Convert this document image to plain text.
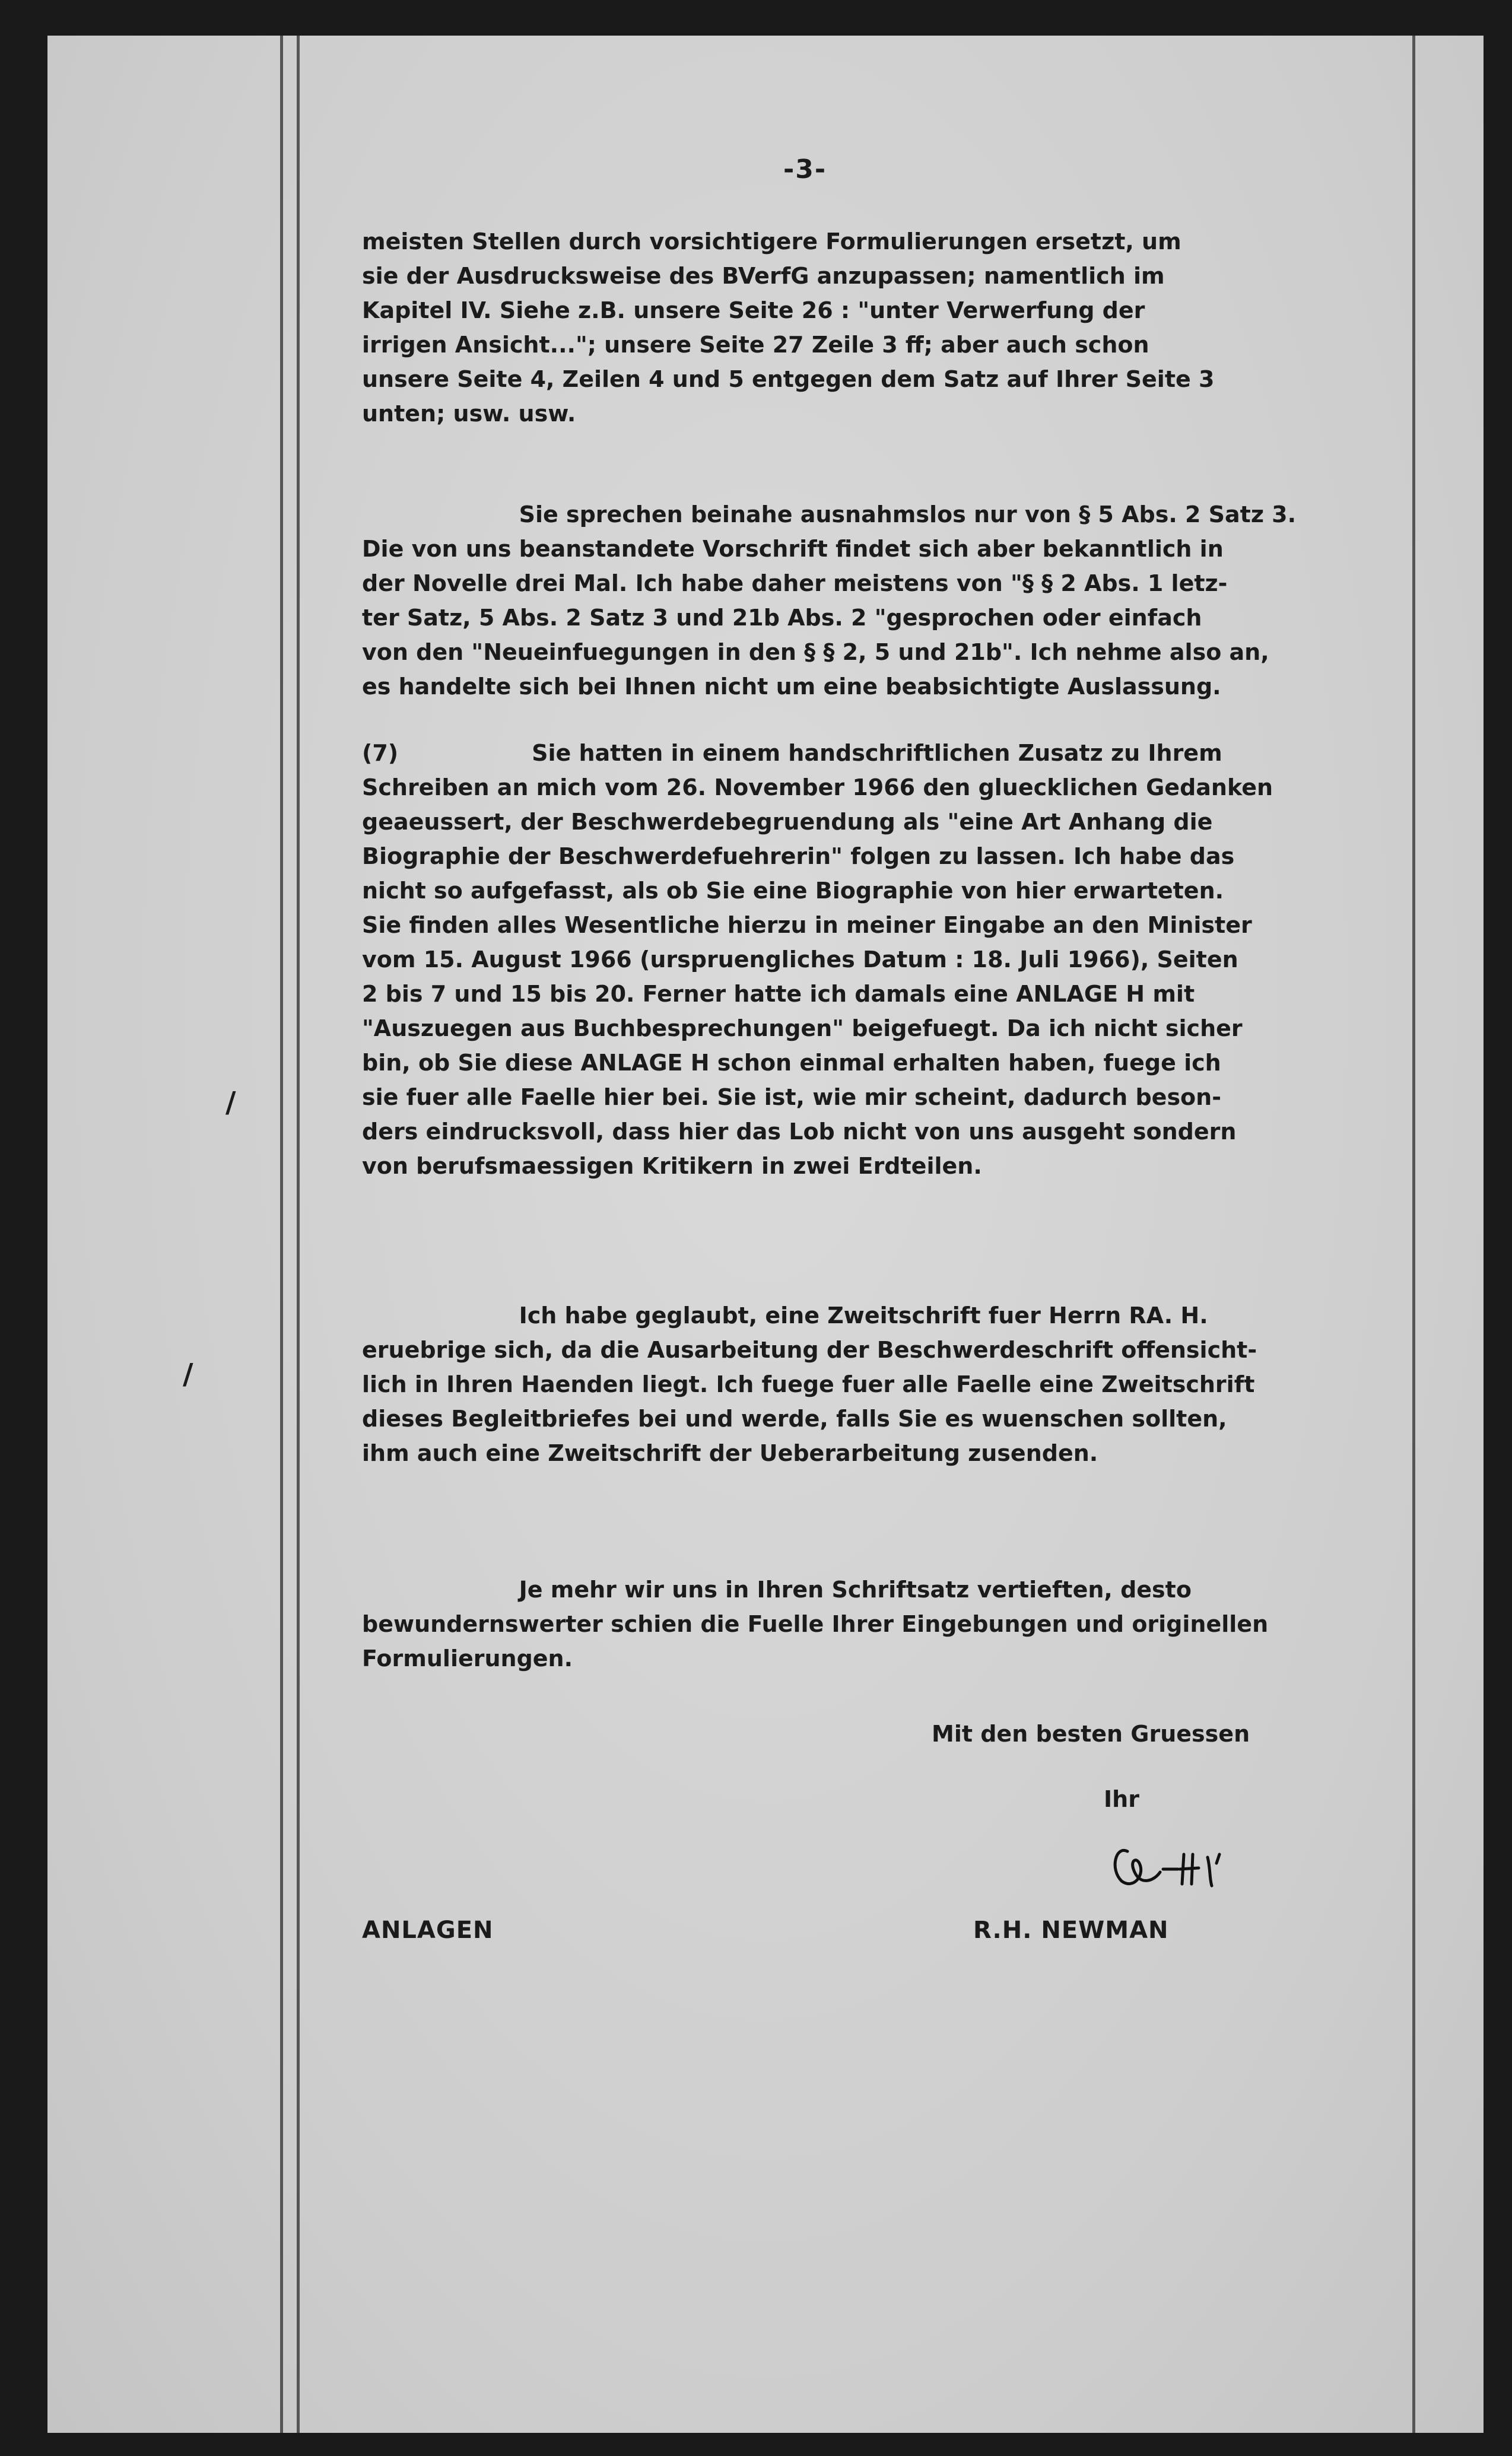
/
/
-3-
meisten Stellen durch vorsichtigere Formulierungen ersetzt, um
sie der Ausdrucksweise des BVerfG anzupassen; namentlich im
Kapitel IV. Siehe z.B. unsere Seite 26 : "unter Verwerfung der
irrigen Ansicht..."; unsere Seite 27 Zeile 3 ff; aber auch schon
unsere Seite 4, Zeilen 4 und 5 entgegen dem Satz auf Ihrer Seite 3
unten; usw. usw.
Sie sprechen beinahe ausnahmslos nur von § 5 Abs. 2 Satz 3.
Die von uns beanstandete Vorschrift findet sich aber bekanntlich in
der Novelle drei Mal. Ich habe daher meistens von "§ § 2 Abs. 1 letz-
ter Satz, 5 Abs. 2 Satz 3 und 21b Abs. 2 "gesprochen oder einfach
von den "Neueinfuegungen in den § § 2, 5 und 21b". Ich nehme also an,
es handelte sich bei Ihnen nicht um eine beabsichtigte Auslassung.
(7)                 Sie hatten in einem handschriftlichen Zusatz zu Ihrem
Schreiben an mich vom 26. November 1966 den gluecklichen Gedanken
geaeussert, der Beschwerdebegruendung als "eine Art Anhang die
Biographie der Beschwerdefuehrerin" folgen zu lassen. Ich habe das
nicht so aufgefasst, als ob Sie eine Biographie von hier erwarteten.
Sie finden alles Wesentliche hierzu in meiner Eingabe an den Minister
vom 15. August 1966 (urspruengliches Datum : 18. Juli 1966), Seiten
2 bis 7 und 15 bis 20. Ferner hatte ich damals eine ANLAGE H mit
"Auszuegen aus Buchbesprechungen" beigefuegt. Da ich nicht sicher
bin, ob Sie diese ANLAGE H schon einmal erhalten haben, fuege ich
sie fuer alle Faelle hier bei. Sie ist, wie mir scheint, dadurch beson-
ders eindrucksvoll, dass hier das Lob nicht von uns ausgeht sondern
von berufsmaessigen Kritikern in zwei Erdteilen.
Ich habe geglaubt, eine Zweitschrift fuer Herrn RA. H.
eruebrige sich, da die Ausarbeitung der Beschwerdeschrift offensicht-
lich in Ihren Haenden liegt. Ich fuege fuer alle Faelle eine Zweitschrift
dieses Begleitbriefes bei und werde, falls Sie es wuenschen sollten,
ihm auch eine Zweitschrift der Ueberarbeitung zusenden.
Je mehr wir uns in Ihren Schriftsatz vertieften, desto
bewundernswerter schien die Fuelle Ihrer Eingebungen und originellen
Formulierungen.
Mit den besten Gruessen
Ihr
ANLAGEN	R.H. NEWMAN
